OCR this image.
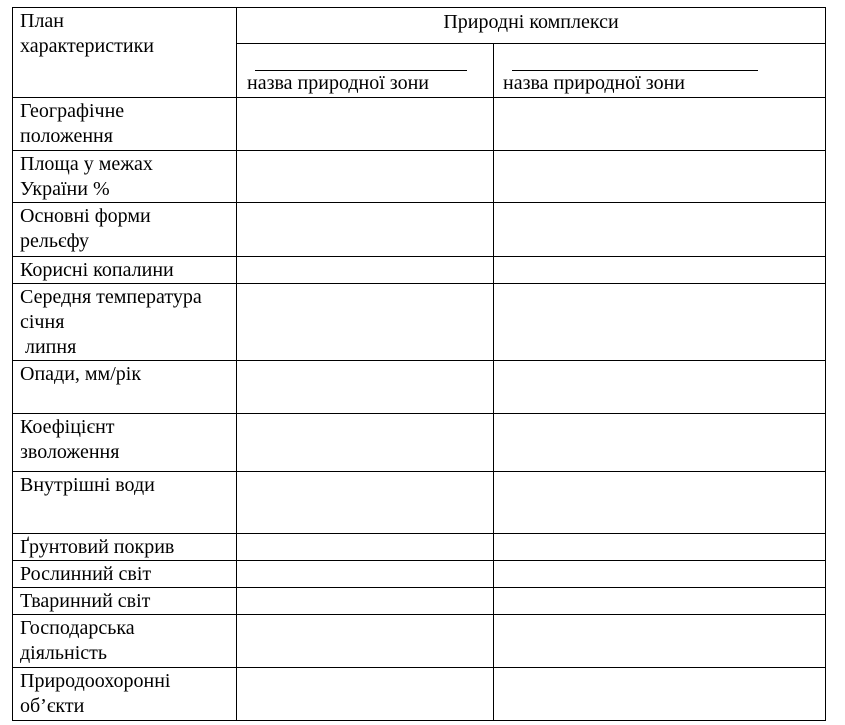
План
характеристики	Природні комплекси	

	назва природної зони	назва природної зони

Географічне
положення		

Площа у межах
України %		

Основні форми
рельєфу		

Корисні копалини		

Середня температура
січня
липня		

Опади, мм/рік		

Коефіцієнт
зволоження		

Внутрішні води		

Ґрунтовий покрив		

Рослинний світ		

Тваринний світ		

Господарська
діяльність		

Природоохоронні
об’єкти		
